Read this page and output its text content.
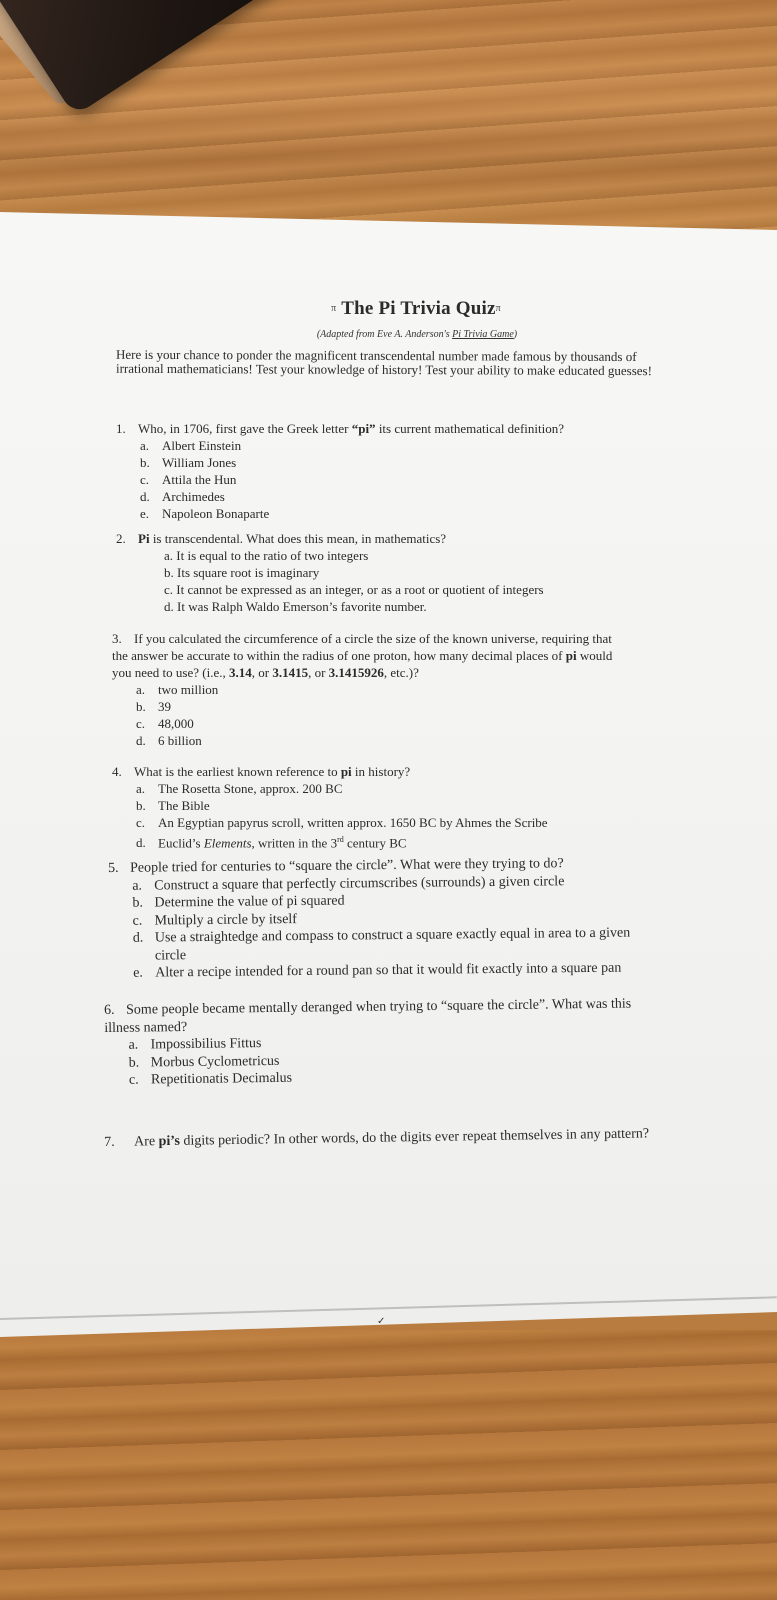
$^\pi$ The Pi Trivia Quiz$^\pi$
(Adapted from Eve A. Anderson's Pi Trivia Game)
Here is your chance to ponder the magnificent transcendental number made famous by thousands of irrational mathematicians! Test your knowledge of history! Test your ability to make educated guesses!
1. Who, in 1706, first gave the Greek letter “pi” its current mathematical definition?
a. Albert Einstein
b. William Jones
c. Attila the Hun
d. Archimedes
e. Napoleon Bonaparte
2. Pi is transcendental. What does this mean, in mathematics?
a. It is equal to the ratio of two integers
b. Its square root is imaginary
c. It cannot be expressed as an integer, or as a root or quotient of integers
d. It was Ralph Waldo Emerson’s favorite number.
3. If you calculated the circumference of a circle the size of the known universe, requiring that
the answer be accurate to within the radius of one proton, how many decimal places of pi would
you need to use? (i.e., 3.14, or 3.1415, or 3.1415926, etc.)?
a. two million
b. 39
c. 48,000
d. 6 billion
4. What is the earliest known reference to pi in history?
a. The Rosetta Stone, approx. 200 BC
b. The Bible
c. An Egyptian papyrus scroll, written approx. 1650 BC by Ahmes the Scribe
d. Euclid’s Elements, written in the 3rd century BC
5. People tried for centuries to “square the circle”. What were they trying to do?
a. Construct a square that perfectly circumscribes (surrounds) a given circle
b. Determine the value of pi squared
c. Multiply a circle by itself
d. Use a straightedge and compass to construct a square exactly equal in area to a given
circle
e. Alter a recipe intended for a round pan so that it would fit exactly into a square pan
6. Some people became mentally deranged when trying to “square the circle”. What was this
illness named?
a. Impossibilius Fittus
b. Morbus Cyclometricus
c. Repetitionatis Decimalus
7. Are pi’s digits periodic? In other words, do the digits ever repeat themselves in any pattern?
✓
